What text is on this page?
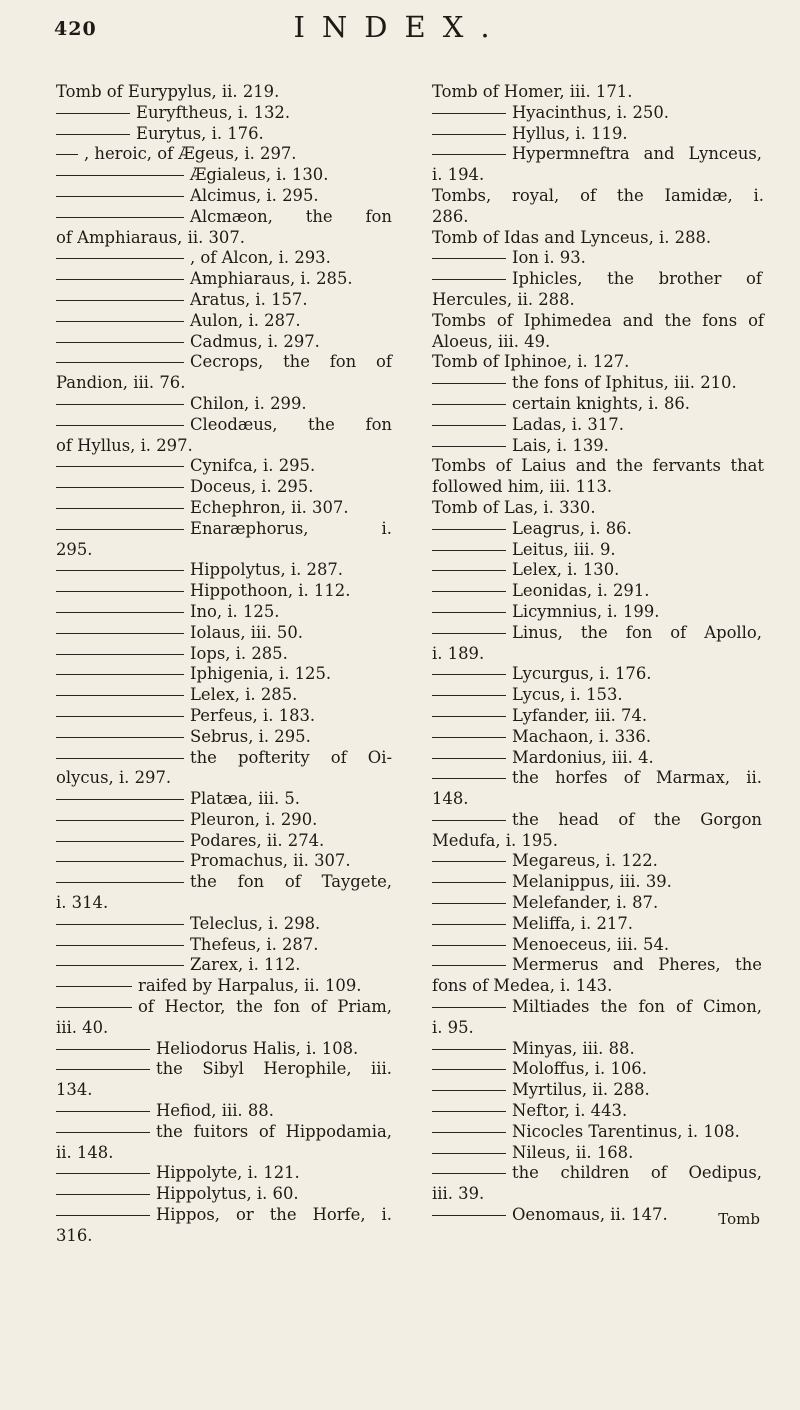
420	INDEX.
Tomb of Eurypylus, ii. 219.
Euryftheus, i. 132.
Eurytus, i. 176.
, heroic, of Ægeus, i. 297.
Ægialeus, i. 130.
Alcimus, i. 295.
Alcmæon, the fon
of Amphiaraus, ii. 307.
, of Alcon, i. 293.
Amphiaraus, i. 285.
Aratus, i. 157.
Aulon, i. 287.
Cadmus, i. 297.
Cecrops, the fon of
Pandion, iii. 76.
Chilon, i. 299.
Cleodæus, the fon
of Hyllus, i. 297.
Cynifca, i. 295.
Doceus, i. 295.
Echephron, ii. 307.
Enaræphorus, i.
295.
Hippolytus, i. 287.
Hippothoon, i. 112.
Ino, i. 125.
Iolaus, iii. 50.
Iops, i. 285.
Iphigenia, i. 125.
Lelex, i. 285.
Perfeus, i. 183.
Sebrus, i. 295.
the pofterity of Oi-
olycus, i. 297.
Platæa, iii. 5.
Pleuron, i. 290.
Podares, ii. 274.
Promachus, ii. 307.
the fon of Taygete,
i. 314.
Teleclus, i. 298.
Thefeus, i. 287.
Zarex, i. 112.
raifed by Harpalus, ii. 109.
of Hector, the fon of Priam,
iii. 40.
Heliodorus Halis, i. 108.
the Sibyl Herophile, iii.
134.
Hefiod, iii. 88.
the fuitors of Hippodamia,
ii. 148.
Hippolyte, i. 121.
Hippolytus, i. 60.
Hippos, or the Horfe, i.
316.
Tomb of Homer, iii. 171.
Hyacinthus, i. 250.
Hyllus, i. 119.
Hypermneftra and Lynceus,
i. 194.
Tombs, royal, of the Iamidæ, i.
286.
Tomb of Idas and Lynceus, i. 288.
Ion i. 93.
Iphicles, the brother of
Hercules, ii. 288.
Tombs of Iphimedea and the fons of
Aloeus, iii. 49.
Tomb of Iphinoe, i. 127.
the fons of Iphitus, iii. 210.
certain knights, i. 86.
Ladas, i. 317.
Lais, i. 139.
Tombs of Laius and the fervants that
followed him, iii. 113.
Tomb of Las, i. 330.
Leagrus, i. 86.
Leitus, iii. 9.
Lelex, i. 130.
Leonidas, i. 291.
Licymnius, i. 199.
Linus, the fon of Apollo,
i. 189.
Lycurgus, i. 176.
Lycus, i. 153.
Lyfander, iii. 74.
Machaon, i. 336.
Mardonius, iii. 4.
the horfes of Marmax, ii.
148.
the head of the Gorgon
Medufa, i. 195.
Megareus, i. 122.
Melanippus, iii. 39.
Melefander, i. 87.
Meliffa, i. 217.
Menoeceus, iii. 54.
Mermerus and Pheres, the
fons of Medea, i. 143.
Miltiades the fon of Cimon,
i. 95.
Minyas, iii. 88.
Moloffus, i. 106.
Myrtilus, ii. 288.
Neftor, i. 443.
Nicocles Tarentinus, i. 108.
Nileus, ii. 168.
the children of Oedipus,
iii. 39.
Oenomaus, ii. 147.	Tomb
